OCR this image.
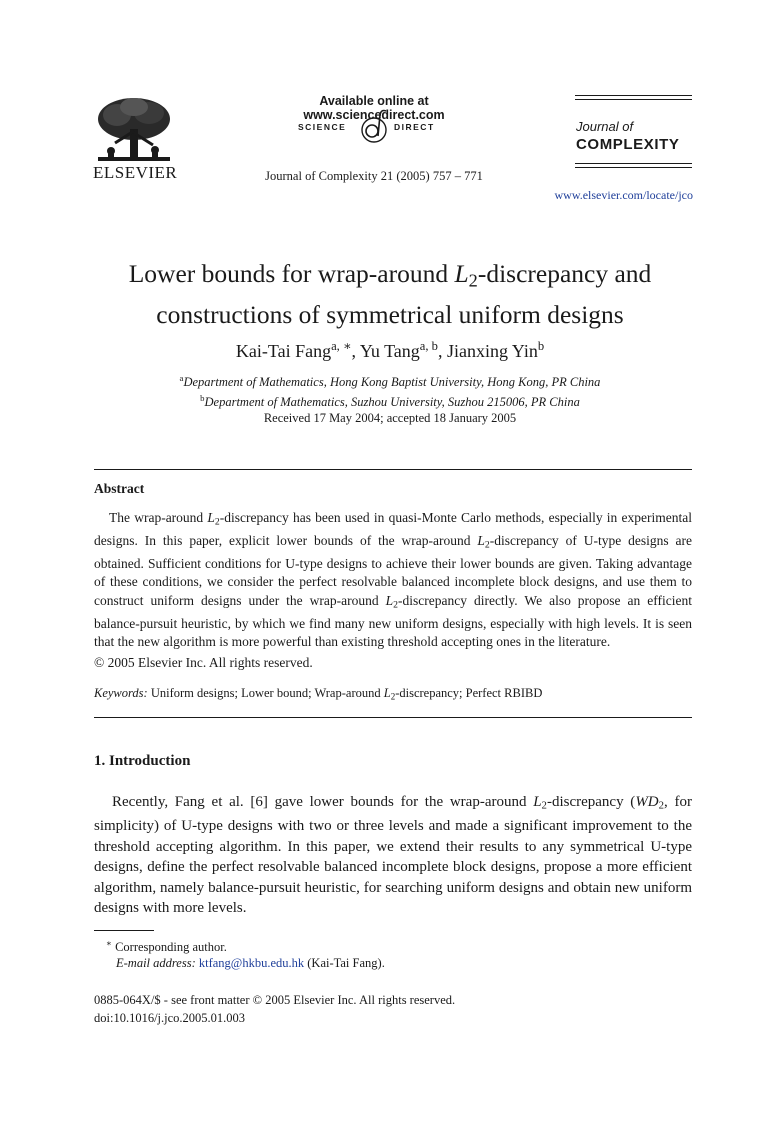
ELSEVIER
Available online at www.sciencedirect.com
SCIENCE	DIRECT
Journal of Complexity 21 (2005) 757 – 771
Journal of
COMPLEXITY
www.elsevier.com/locate/jco
Lower bounds for wrap-around $L_2$-discrepancy and
constructions of symmetrical uniform designs
Kai-Tai Fang$^{a, ∗}$, Yu Tang$^{a, b}$, Jianxing Yin$^b$
$^a$Department of Mathematics, Hong Kong Baptist University, Hong Kong, PR China
$^b$Department of Mathematics, Suzhou University, Suzhou 215006, PR China
Received 17 May 2004; accepted 18 January 2005
Abstract
The wrap-around $L_2$-discrepancy has been used in quasi-Monte Carlo methods, especially in experimental designs. In this paper, explicit lower bounds of the wrap-around $L_2$-discrepancy of U-type designs are obtained. Sufficient conditions for U-type designs to achieve their lower bounds are given. Taking advantage of these conditions, we consider the perfect resolvable balanced incomplete block designs, and use them to construct uniform designs under the wrap-around $L_2$-discrepancy directly. We also propose an efficient balance-pursuit heuristic, by which we find many new uniform designs, especially with high levels. It is seen that the new algorithm is more powerful than existing threshold accepting ones in the literature.
© 2005 Elsevier Inc. All rights reserved.
Keywords: Uniform designs; Lower bound; Wrap-around $L_2$-discrepancy; Perfect RBIBD
1. Introduction
Recently, Fang et al. [6] gave lower bounds for the wrap-around $L_2$-discrepancy ($WD_2$, for simplicity) of U-type designs with two or three levels and made a significant improvement to the threshold accepting algorithm. In this paper, we extend their results to any symmetrical U-type designs, define the perfect resolvable balanced incomplete block designs, propose a more efficient algorithm, namely balance-pursuit heuristic, for searching uniform designs and obtain new uniform designs with more levels.
∗ Corresponding author.
E-mail address: ktfang@hkbu.edu.hk (Kai-Tai Fang).
0885-064X/$ - see front matter © 2005 Elsevier Inc. All rights reserved.
doi:10.1016/j.jco.2005.01.003
